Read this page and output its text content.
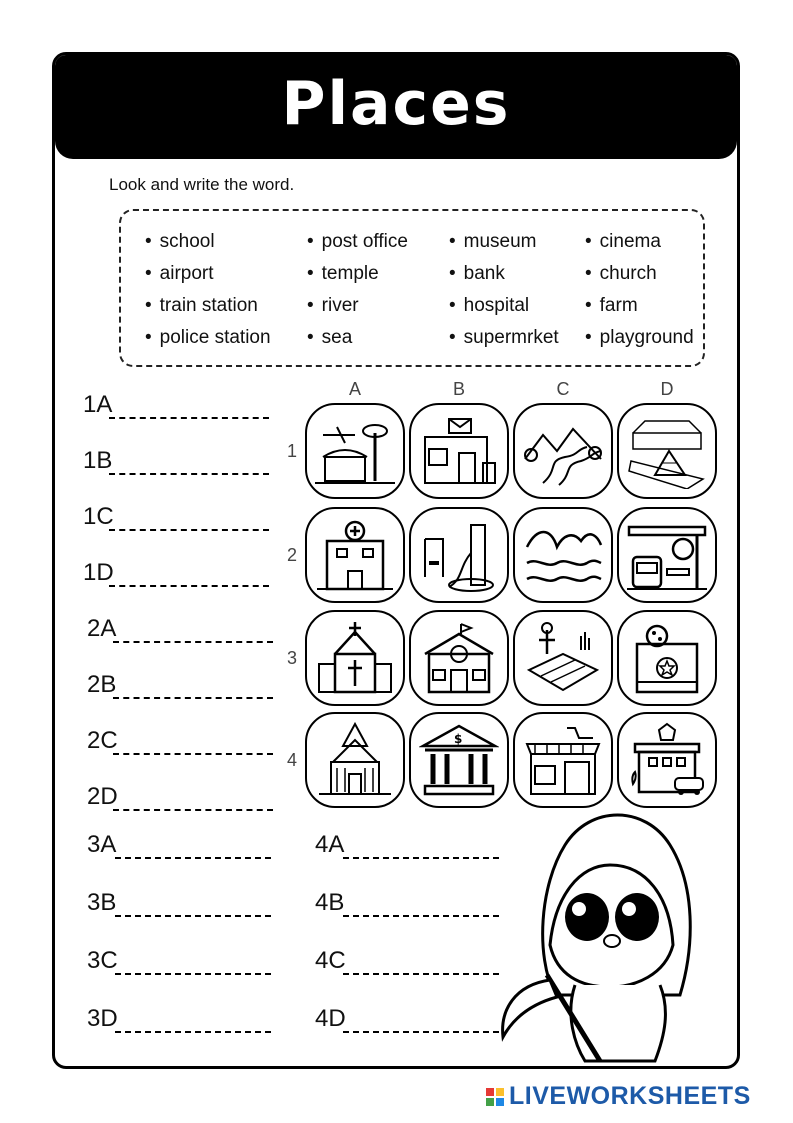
Places
Look and write the word.
• school	• post office	• museum	• cinema
• airport	• temple	• bank	• church
• train station	• river	• hospital	• farm
• police station	• sea	• supermrket	• playground
A	B	C	D
1
2
3
4
$
1A
1B
1C
1D
2A
2B
2C
2D
3A
3B
3C
3D
4A
4B
4C
4D
LIVEWORKSHEETS
